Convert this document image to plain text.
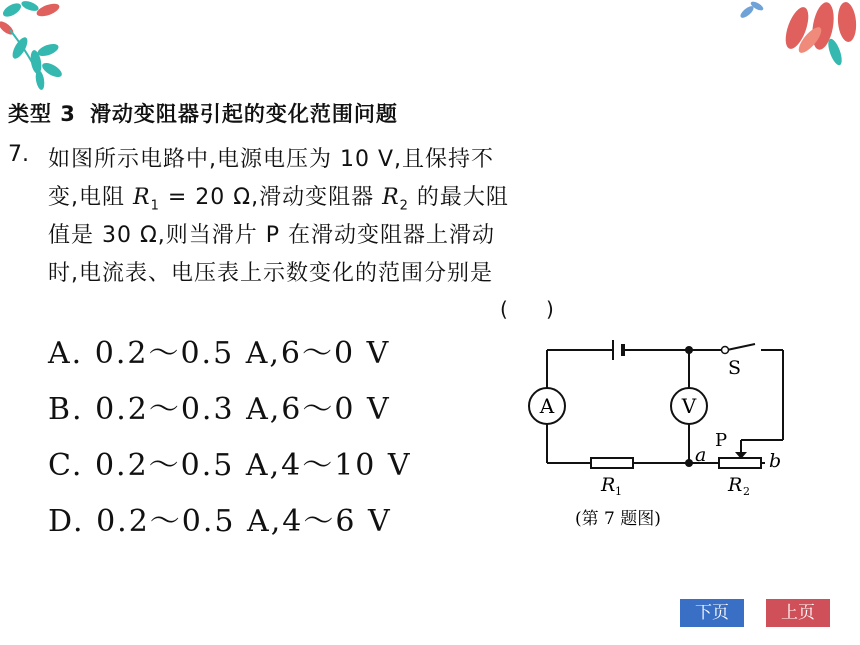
类型 3 滑动变阻器引起的变化范围问题
7. 如图所示电路中,电源电压为 10 V,且保持不
变,电阻 $R_1 = 20$ Ω,滑动变阻器 $R_2$ 的最大阻
值是 30 Ω,则当滑片 P 在滑动变阻器上滑动
时,电流表、电压表上示数变化的范围分别是
(      )
A. 0.2～0.5 A,6～0 V
B. 0.2～0.3 A,6～0 V
C. 0.2～0.5 A,4～10 V
D. 0.2～0.5 A,4～6 V
A	V
S
P
a	b
R 1	R 2
(第 7 题图)
下页	上页
